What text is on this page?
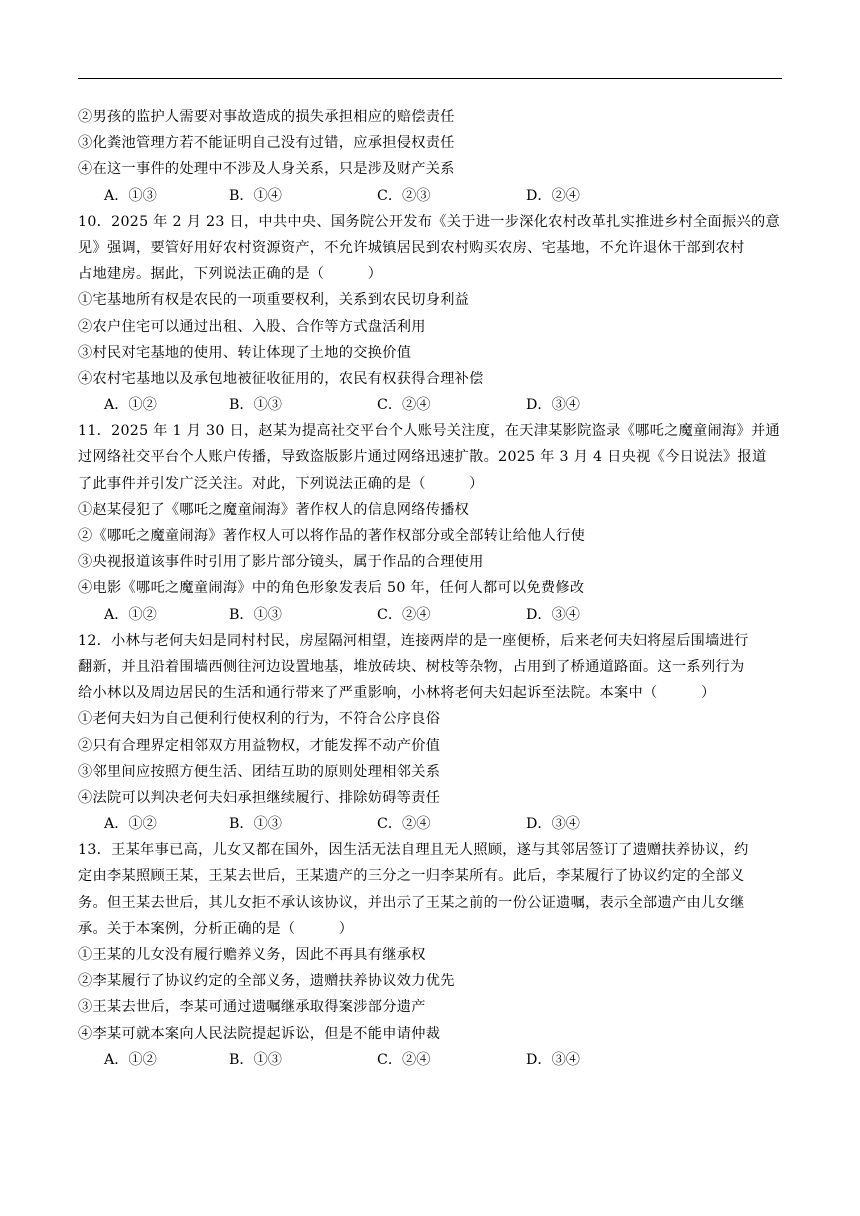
②男孩的监护人需要对事故造成的损失承担相应的赔偿责任
③化粪池管理方若不能证明自己没有过错，应承担侵权责任
④在这一事件的处理中不涉及人身关系，只是涉及财产关系
A．①③	B．①④	C．②③	D．②④
10．2025 年 2 月 23 日，中共中央、国务院公开发布《关于进一步深化农村改革扎实推进乡村全面振兴的意
见》强调，要管好用好农村资源资产，不允许城镇居民到农村购买农房、宅基地，不允许退休干部到农村
占地建房。据此，下列说法正确的是（　　　）
①宅基地所有权是农民的一项重要权利，关系到农民切身利益
②农户住宅可以通过出租、入股、合作等方式盘活利用
③村民对宅基地的使用、转让体现了土地的交换价值
④农村宅基地以及承包地被征收征用的，农民有权获得合理补偿
A．①②	B．①③	C．②④	D．③④
11．2025 年 1 月 30 日，赵某为提高社交平台个人账号关注度，在天津某影院盗录《哪吒之魔童闹海》并通
过网络社交平台个人账户传播，导致盗版影片通过网络迅速扩散。2025 年 3 月 4 日央视《今日说法》报道
了此事件并引发广泛关注。对此，下列说法正确的是（　　　）
①赵某侵犯了《哪吒之魔童闹海》著作权人的信息网络传播权
②《哪吒之魔童闹海》著作权人可以将作品的著作权部分或全部转让给他人行使
③央视报道该事件时引用了影片部分镜头，属于作品的合理使用
④电影《哪吒之魔童闹海》中的角色形象发表后 50 年，任何人都可以免费修改
A．①②	B．①③	C．②④	D．③④
12．小林与老何夫妇是同村村民，房屋隔河相望，连接两岸的是一座便桥，后来老何夫妇将屋后围墙进行
翻新，并且沿着围墙西侧往河边设置地基，堆放砖块、树枝等杂物，占用到了桥通道路面。这一系列行为
给小林以及周边居民的生活和通行带来了严重影响，小林将老何夫妇起诉至法院。本案中（　　　）
①老何夫妇为自己便利行使权利的行为，不符合公序良俗
②只有合理界定相邻双方用益物权，才能发挥不动产价值
③邻里间应按照方便生活、团结互助的原则处理相邻关系
④法院可以判决老何夫妇承担继续履行、排除妨碍等责任
A．①②	B．①③	C．②④	D．③④
13．王某年事已高，儿女又都在国外，因生活无法自理且无人照顾，遂与其邻居签订了遗赠扶养协议，约
定由李某照顾王某，王某去世后，王某遗产的三分之一归李某所有。此后，李某履行了协议约定的全部义
务。但王某去世后，其儿女拒不承认该协议，并出示了王某之前的一份公证遗嘱，表示全部遗产由儿女继
承。关于本案例，分析正确的是（　　　）
①王某的儿女没有履行赡养义务，因此不再具有继承权
②李某履行了协议约定的全部义务，遗赠扶养协议效力优先
③王某去世后，李某可通过遗嘱继承取得案涉部分遗产
④李某可就本案向人民法院提起诉讼，但是不能申请仲裁
A．①②	B．①③	C．②④	D．③④
